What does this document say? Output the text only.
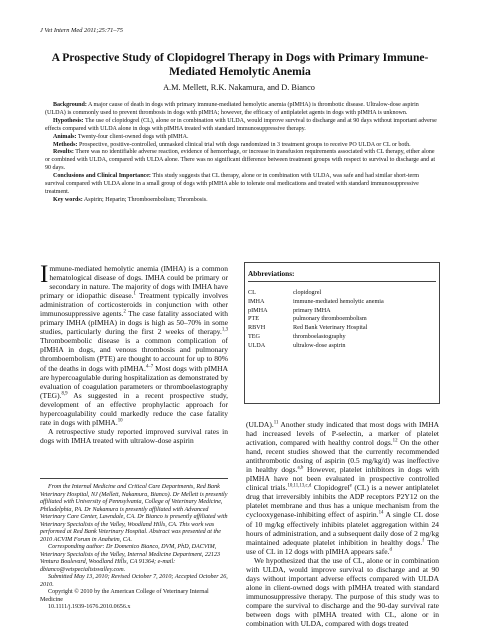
J Vet Intern Med 2011;25:71–75
A Prospective Study of Clopidogrel Therapy in Dogs with Primary Immune-Mediated Hemolytic Anemia
A.M. Mellett, R.K. Nakamura, and D. Bianco

Background: A major cause of death in dogs with primary immune-mediated hemolytic anemia (pIMHA) is thrombotic disease. Ultralow-dose aspirin (ULDA) is commonly used to prevent thrombosis in dogs with pIMHA; however, the efficacy of antiplatelet agents in dogs with pIMHA is unknown.

Hypothesis: The use of clopidogrel (CL), alone or in combination with ULDA, would improve survival to discharge and at 90 days without important adverse effects compared with ULDA alone in dogs with pIMHA treated with standard immunosuppressive therapy.

Animals: Twenty-four client-owned dogs with pIMHA.

Methods: Prospective, positive-controlled, unmasked clinical trial with dogs randomized in 3 treatment groups to receive PO ULDA or CL or both.

Results: There was no identifiable adverse reaction, evidence of hemorrhage, or increase in transfusion requirements associated with CL therapy, either alone or combined with ULDA, compared with ULDA alone. There was no significant difference between treatment groups with respect to survival to discharge and at 90 days.

Conclusions and Clinical Importance: This study suggests that CL therapy, alone or in combination with ULDA, was safe and had similar short-term survival compared with ULDA alone in a small group of dogs with pIMHA able to tolerate oral medications and treated with standard immunosuppressive treatment.

Key words: Aspirin; Heparin; Thromboembolism; Thrombosis.

Immune-mediated hemolytic anemia (IMHA) is a common hematological disease of dogs. IMHA could be primary or secondary in nature. The majority of dogs with IMHA have primary or idiopathic disease.$^1$ Treatment typically involves administration of corticosteroids in conjunction with other immunosuppressive agents.$^2$ The case fatality associated with primary IMHA (pIMHA) in dogs is high as 50–70% in some studies, particularly during the first 2 weeks of therapy.$^{1,3}$ Thromboembolic disease is a common complication of pIMHA in dogs, and venous thrombosis and pulmonary thromboembolism (PTE) are thought to account for up to 80% of the deaths in dogs with pIMHA.$^{4-7}$ Most dogs with pIMHA are hypercoagulable during hospitalization as demonstrated by evaluation of coagulation parameters or thromboelastography (TEG).$^{8,9}$ As suggested in a recent prospective study, development of an effective prophylactic approach for hypercoagulability could markedly reduce the case fatality rate in dogs with pIMHA.$^{10}$

A retrospective study reported improved survival rates in dogs with IMHA treated with ultralow-dose aspirin

Abbreviations:
CL	clopidogrel
IMHA	immune-mediated hemolytic anemia
pIMHA	primary IMHA
PTE	pulmonary thromboembolism
RBVH	Red Bank Veterinary Hospital
TEG	thromboelastography
ULDA	ultralow-dose aspirin

(ULDA).$^{11}$ Another study indicated that most dogs with IMHA had increased levels of P-selectin, a marker of platelet activation, compared with healthy control dogs.$^{12}$ On the other hand, recent studies showed that the currently recommended antithrombotic dosing of aspirin (0.5 mg/kg/d) was ineffective in healthy dogs.$^{a,b}$ However, platelet inhibitors in dogs with pIMHA have not been evaluated in prospective controlled clinical trials.$^{10,11,13,c,d}$ Clopidogrel$^e$ (CL) is a newer antiplatelet drug that irreversibly inhibits the ADP receptors P2Y12 on the platelet membrane and thus has a unique mechanism from the cyclooxygenase-inhibiting effect of aspirin.$^{14}$ A single CL dose of 10 mg/kg effectively inhibits platelet aggregation within 24 hours of administration, and a subsequent daily dose of 2 mg/kg maintained adequate platelet inhibition in healthy dogs.$^f$ The use of CL in 12 dogs with pIMHA appears safe.$^d$

We hypothesized that the use of CL, alone or in combination with ULDA, would improve survival to discharge and at 90 days without important adverse effects compared with ULDA alone in client-owned dogs with pIMHA treated with standard immunosuppressive therapy. The purpose of this study was to compare the survival to discharge and the 90-day survival rate between dogs with pIMHA treated with CL, alone or in combination with ULDA, compared with dogs treated

From the Internal Medicine and Critical Care Departments, Red Bank Veterinary Hospital, NJ (Mellett, Nakamura, Bianco). Dr Mellett is presently affiliated with University of Pennsylvania, College of Veterinary Medicine, Philadelphia, PA. Dr Nakamura is presently affiliated with Advanced Veterinary Care Center, Lawndale, CA. Dr Bianco is presently affiliated with Veterinary Specialists of the Valley, Woodland Hills, CA. This work was performed at Red Bank Veterinary Hospital. Abstract was presented at the 2010 ACVIM Forum in Anaheim, CA.

Corresponding author: Dr Domenico Bianco, DVM, PhD, DACVIM, Veterinary Specialists of the Valley, Internal Medicine Department, 22123 Ventura Boulevard, Woodland Hills, CA 91364; e-mail: dbianco@vetspecialistsvalley.com.

Submitted May 13, 2010; Revised October 7, 2010; Accepted October 26, 2010.

Copyright © 2010 by the American College of Veterinary Internal Medicine

10.1111/j.1939-1676.2010.0656.x
